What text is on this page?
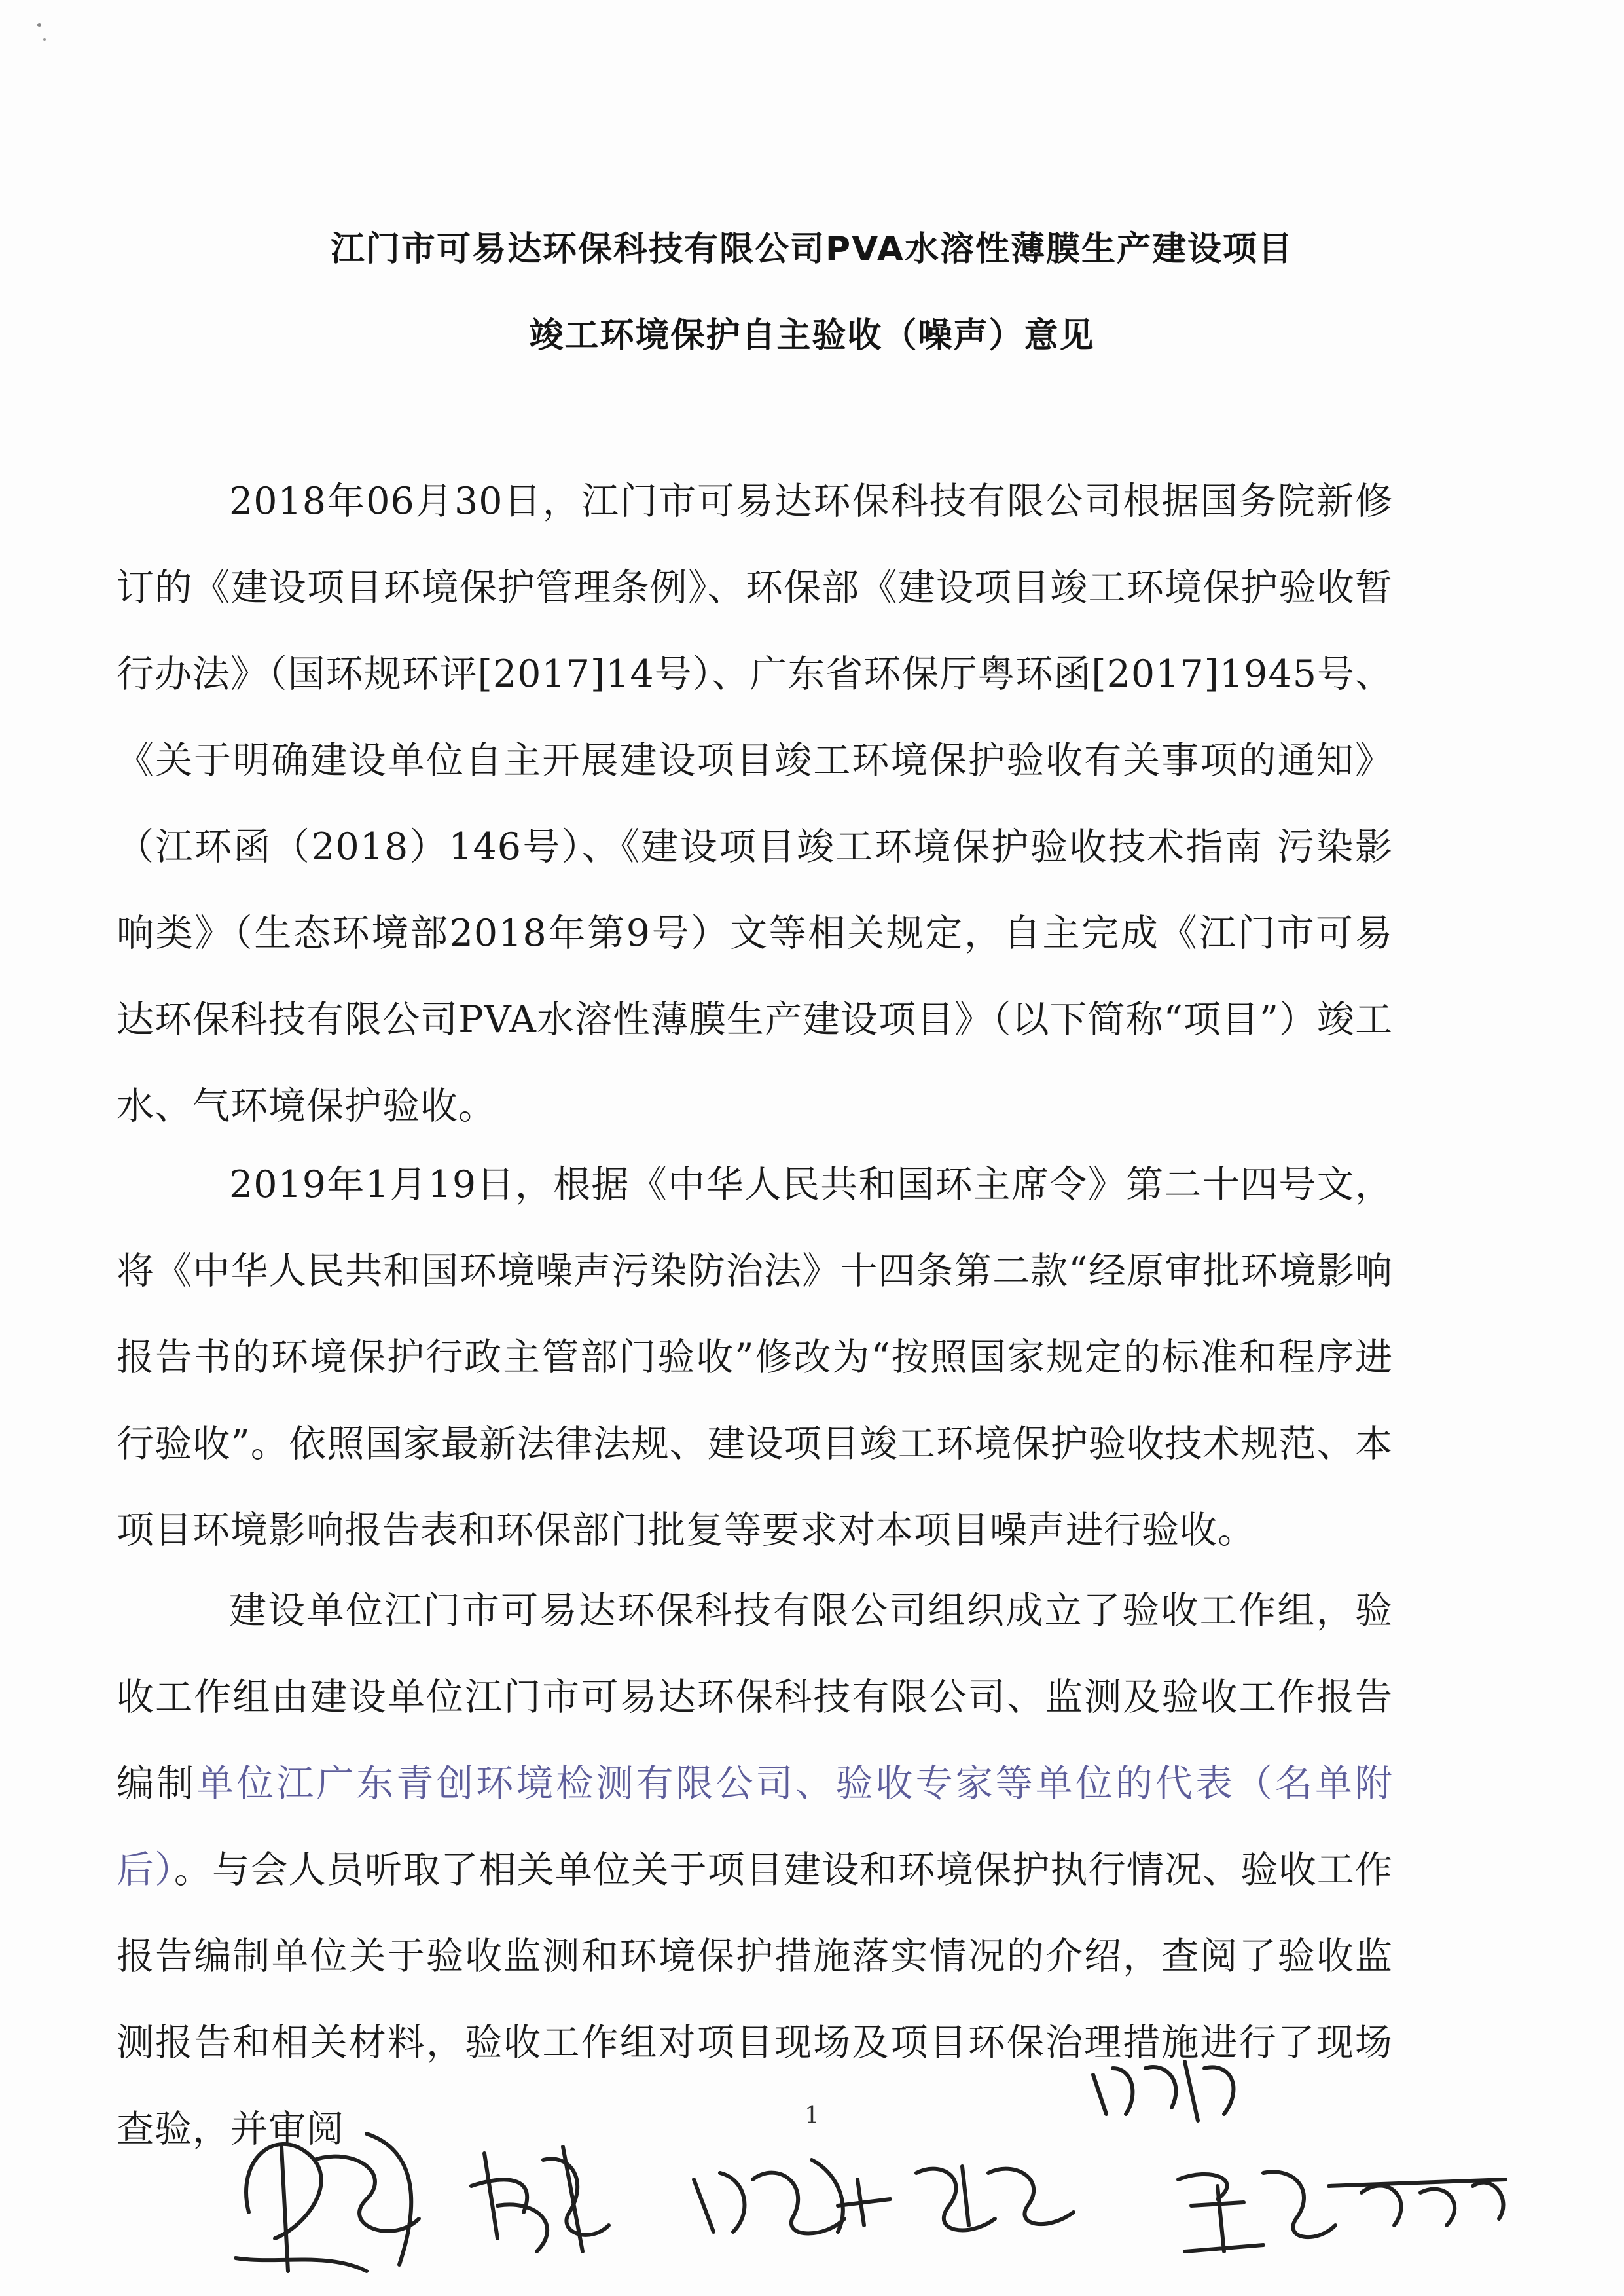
江门市可易达环保科技有限公司PVA水溶性薄膜生产建设项目
竣工环境保护自主验收（噪声）意见
2018年06月30日，江门市可易达环保科技有限公司根据国务院新修订的《建设项目环境保护管理条例》、环保部《建设项目竣工环境保护验收暂行办法》（国环规环评[2017]14号）、广东省环保厅粤环函[2017]1945号、《关于明确建设单位自主开展建设项目竣工环境保护验收有关事项的通知》（江环函（2018）146号）、《建设项目竣工环境保护验收技术指南 污染影响类》（生态环境部2018年第9号）文等相关规定，自主完成《江门市可易达环保科技有限公司PVA水溶性薄膜生产建设项目》（以下简称“项目”）竣工水、气环境保护验收。
2019年1月19日，根据《中华人民共和国环主席令》第二十四号文，将《中华人民共和国环境噪声污染防治法》十四条第二款“经原审批环境影响报告书的环境保护行政主管部门验收”修改为“按照国家规定的标准和程序进行验收”。依照国家最新法律法规、建设项目竣工环境保护验收技术规范、本项目环境影响报告表和环保部门批复等要求对本项目噪声进行验收。
建设单位江门市可易达环保科技有限公司组织成立了验收工作组，验收工作组由建设单位江门市可易达环保科技有限公司、监测及验收工作报告编制单位江广东青创环境检测有限公司、验收专家等单位的代表（名单附后）。与会人员听取了相关单位关于项目建设和环境保护执行情况、验收工作报告编制单位关于验收监测和环境保护措施落实情况的介绍，查阅了验收监测报告和相关材料，验收工作组对项目现场及项目环保治理措施进行了现场查验，并审阅	1
